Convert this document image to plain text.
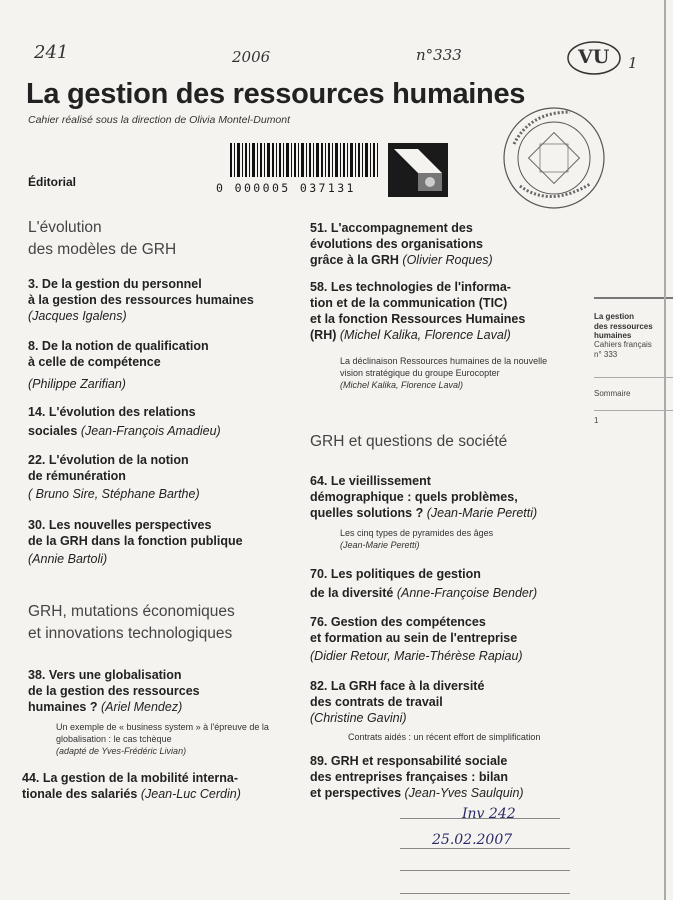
241	2006	n°333	VU 1
La gestion des ressources humaines
Cahier réalisé sous la direction de Olivia Montel-Dumont
Éditorial	0 000005 037131
L'évolution
des modèles de GRH
3. De la gestion du personnel
à la gestion des ressources humaines
(Jacques Igalens)
8. De la notion de qualification
à celle de compétence
(Philippe Zarifian)
14. L'évolution des relations
sociales (Jean-François Amadieu)
22. L'évolution de la notion
de rémunération
( Bruno Sire, Stéphane Barthe)
30. Les nouvelles perspectives
de la GRH dans la fonction publique
(Annie Bartoli)
GRH, mutations économiques
et innovations technologiques
38. Vers une globalisation
de la gestion des ressources
humaines ? (Ariel Mendez)
Un exemple de « business system » à l'épreuve de la
globalisation : le cas tchèque
(adapté de Yves-Frédéric Livian)
44. La gestion de la mobilité interna-
tionale des salariés (Jean-Luc Cerdin)
51. L'accompagnement des
évolutions des organisations
grâce à la GRH (Olivier Roques)
58. Les technologies de l'informa-
tion et de la communication (TIC)
et la fonction Ressources Humaines
(RH) (Michel Kalika, Florence Laval)
La déclinaison Ressources humaines de la nouvelle
vision stratégique du groupe Eurocopter
(Michel Kalika, Florence Laval)
GRH et questions de société
64. Le vieillissement
démographique : quels problèmes,
quelles solutions ? (Jean-Marie Peretti)
Les cinq types de pyramides des âges
(Jean-Marie Peretti)
70. Les politiques de gestion
de la diversité (Anne-Françoise Bender)
76. Gestion des compétences
et formation au sein de l'entreprise
(Didier Retour, Marie-Thérèse Rapiau)
82. La GRH face à la diversité
des contrats de travail
(Christine Gavini)
Contrats aidés : un récent effort de simplification
89. GRH et responsabilité sociale
des entreprises françaises : bilan
et perspectives (Jean-Yves Saulquin)
Inv 242
25.02.2007
La gestion
des ressources
humaines
Cahiers français
n° 333
Sommaire
1
